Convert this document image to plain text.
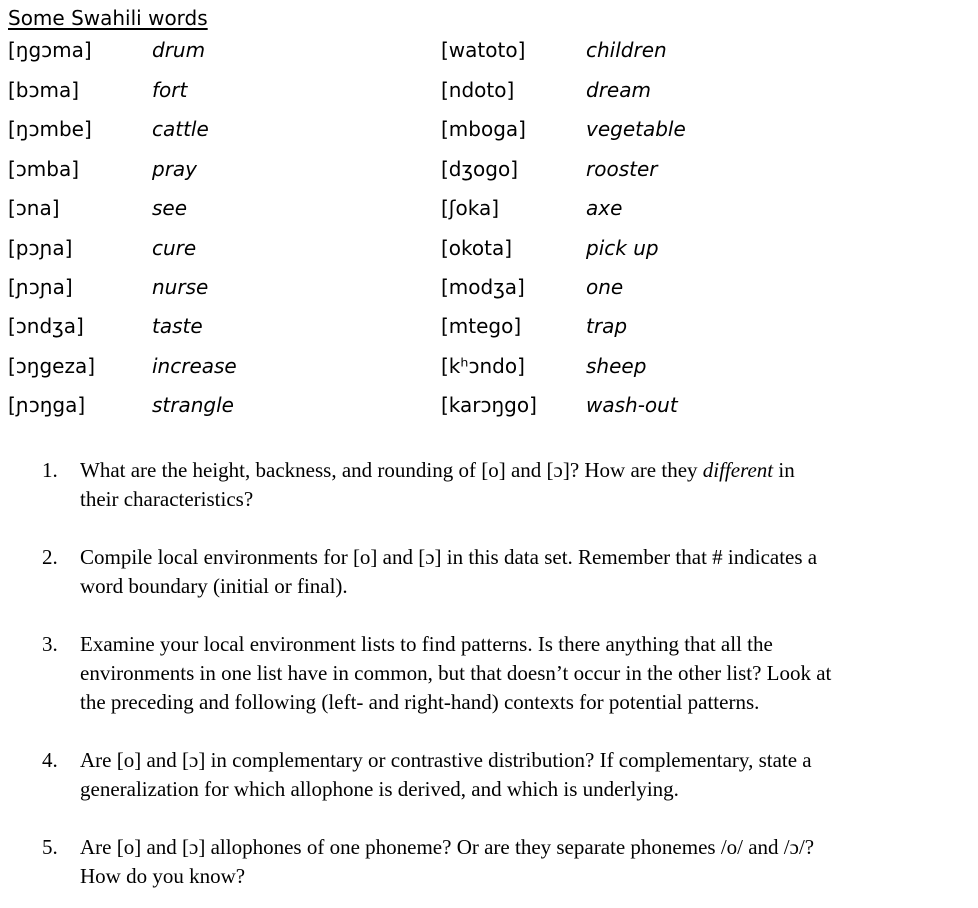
Some Swahili words
[ŋgɔma]	drum	[watoto]	children
[bɔma]	fort	[ndoto]	dream
[ŋɔmbe]	cattle	[mboga]	vegetable
[ɔmba]	pray	[dʒogo]	rooster
[ɔna]	see	[ʃoka]	axe
[pɔɲa]	cure	[okota]	pick up
[ɲɔɲa]	nurse	[modʒa]	one
[ɔndʒa]	taste	[mtego]	trap
[ɔŋgeza]	increase	[kʰɔndo]	sheep
[ɲɔŋga]	strangle	[karɔŋgo] wash-out
1. What are the height, backness, and rounding of [o] and [ɔ]? How are they different in
their characteristics?
2. Compile local environments for [o] and [ɔ] in this data set. Remember that # indicates a
word boundary (initial or final).
3. Examine your local environment lists to find patterns. Is there anything that all the
environments in one list have in common, but that doesn’t occur in the other list? Look at
the preceding and following (left- and right-hand) contexts for potential patterns.
4. Are [o] and [ɔ] in complementary or contrastive distribution? If complementary, state a
generalization for which allophone is derived, and which is underlying.
5. Are [o] and [ɔ] allophones of one phoneme? Or are they separate phonemes /o/ and /ɔ/?
How do you know?
